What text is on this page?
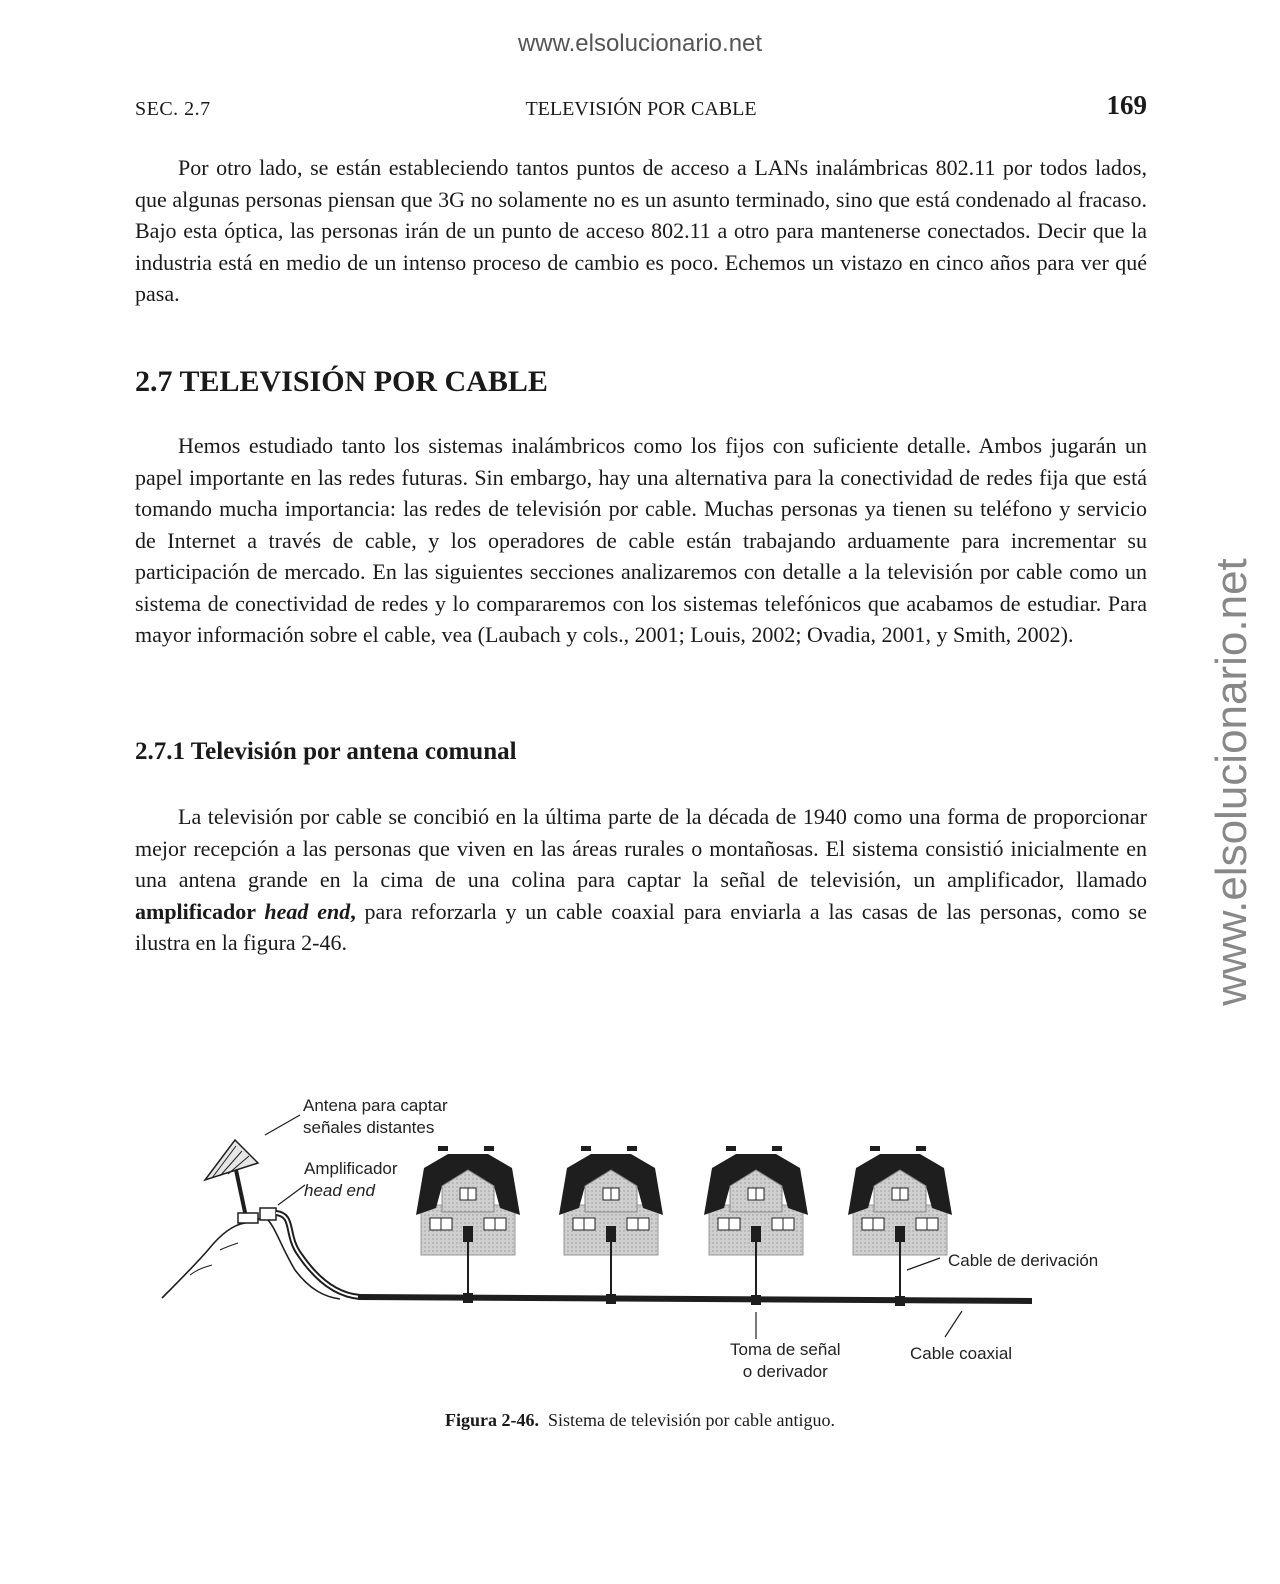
www.elsolucionario.net
www.elsolucionario.net
SEC. 2.7	TELEVISIÓN POR CABLE	169

Por otro lado, se están estableciendo tantos puntos de acceso a LANs inalámbricas 802.11 por todos lados, que algunas personas piensan que 3G no solamente no es un asunto terminado, sino que está condenado al fracaso. Bajo esta óptica, las personas irán de un punto de acceso 802.11 a otro para mantenerse conectados. Decir que la industria está en medio de un intenso proceso de cambio es poco. Echemos un vistazo en cinco años para ver qué pasa.

2.7 TELEVISIÓN POR CABLE

Hemos estudiado tanto los sistemas inalámbricos como los fijos con suficiente detalle. Ambos jugarán un papel importante en las redes futuras. Sin embargo, hay una alternativa para la conectividad de redes fija que está tomando mucha importancia: las redes de televisión por cable. Muchas personas ya tienen su teléfono y servicio de Internet a través de cable, y los operadores de cable están trabajando arduamente para incrementar su participación de mercado. En las siguientes secciones analizaremos con detalle a la televisión por cable como un sistema de conectividad de redes y lo compararemos con los sistemas telefónicos que acabamos de estudiar. Para mayor información sobre el cable, vea (Laubach y cols., 2001; Louis, 2002; Ovadia, 2001, y Smith, 2002).

2.7.1 Televisión por antena comunal

La televisión por cable se concibió en la última parte de la década de 1940 como una forma de proporcionar mejor recepción a las personas que viven en las áreas rurales o montañosas. El sistema consistió inicialmente en una antena grande en la cima de una colina para captar la señal de televisión, un amplificador, llamado amplificador head end, para reforzarla y un cable coaxial para enviarla a las casas de las personas, como se ilustra en la figura 2-46.

Antena para captar
señales distantes
Amplificador
head end
Cable de derivación
Toma de señal
o derivador
Cable coaxial
Figura 2-46. Sistema de televisión por cable antiguo.
